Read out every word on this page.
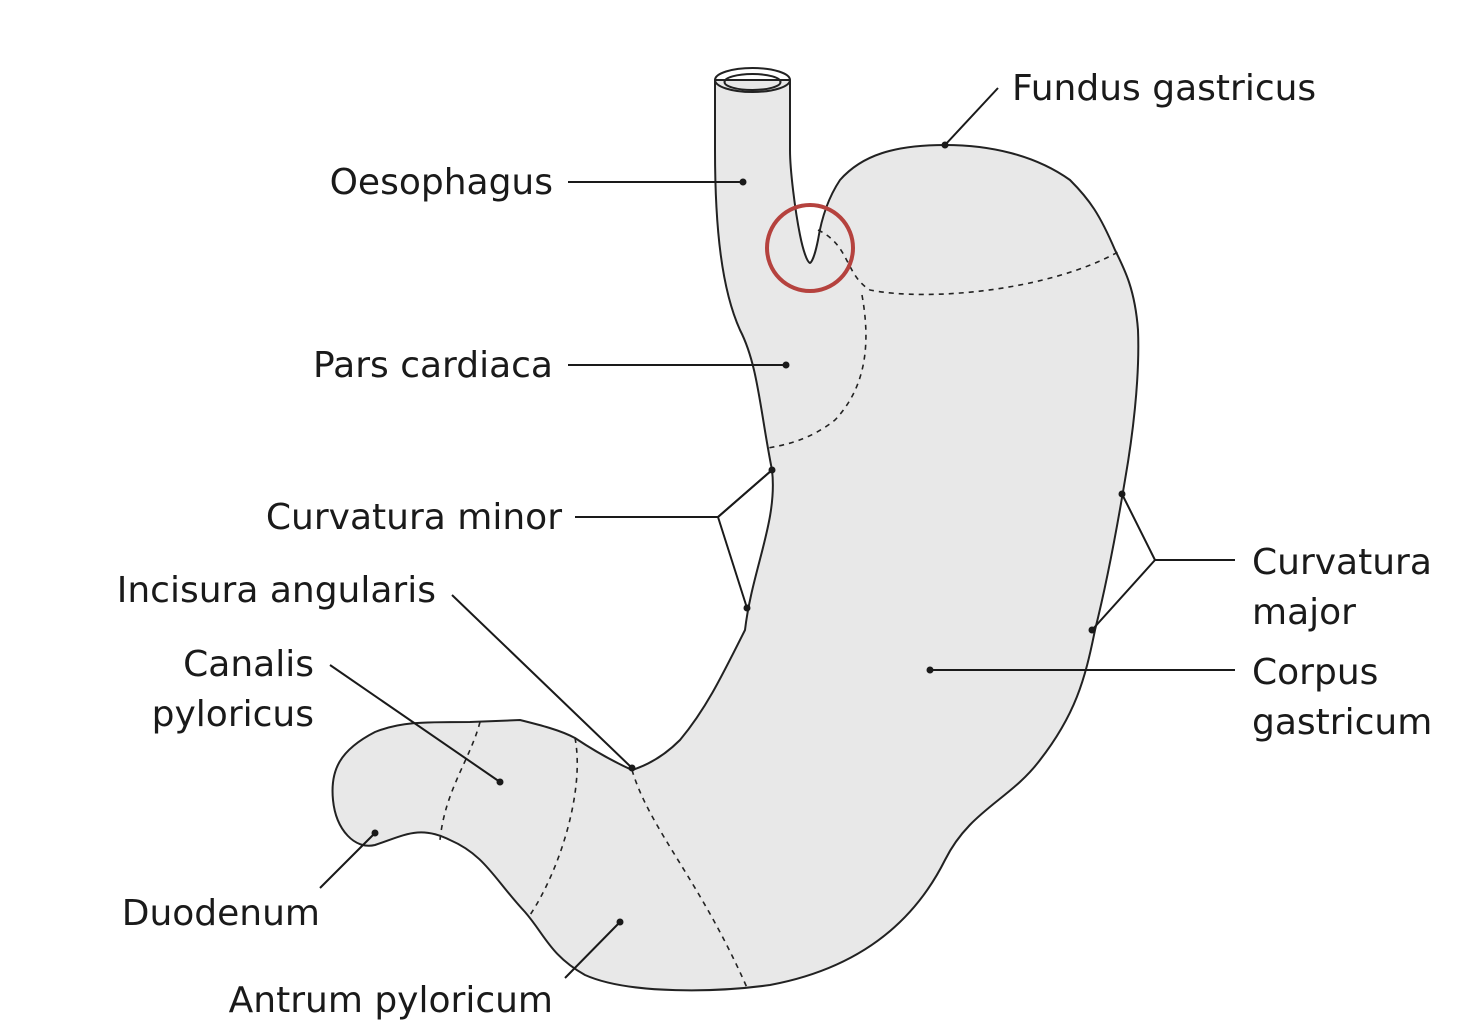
Fundus gastricus
Oesophagus
Pars cardiaca
Curvatura minor
Incisura angularis
Canalis
pyloricus
Duodenum
Antrum pyloricum
Curvatura
major
Corpus
gastricum
